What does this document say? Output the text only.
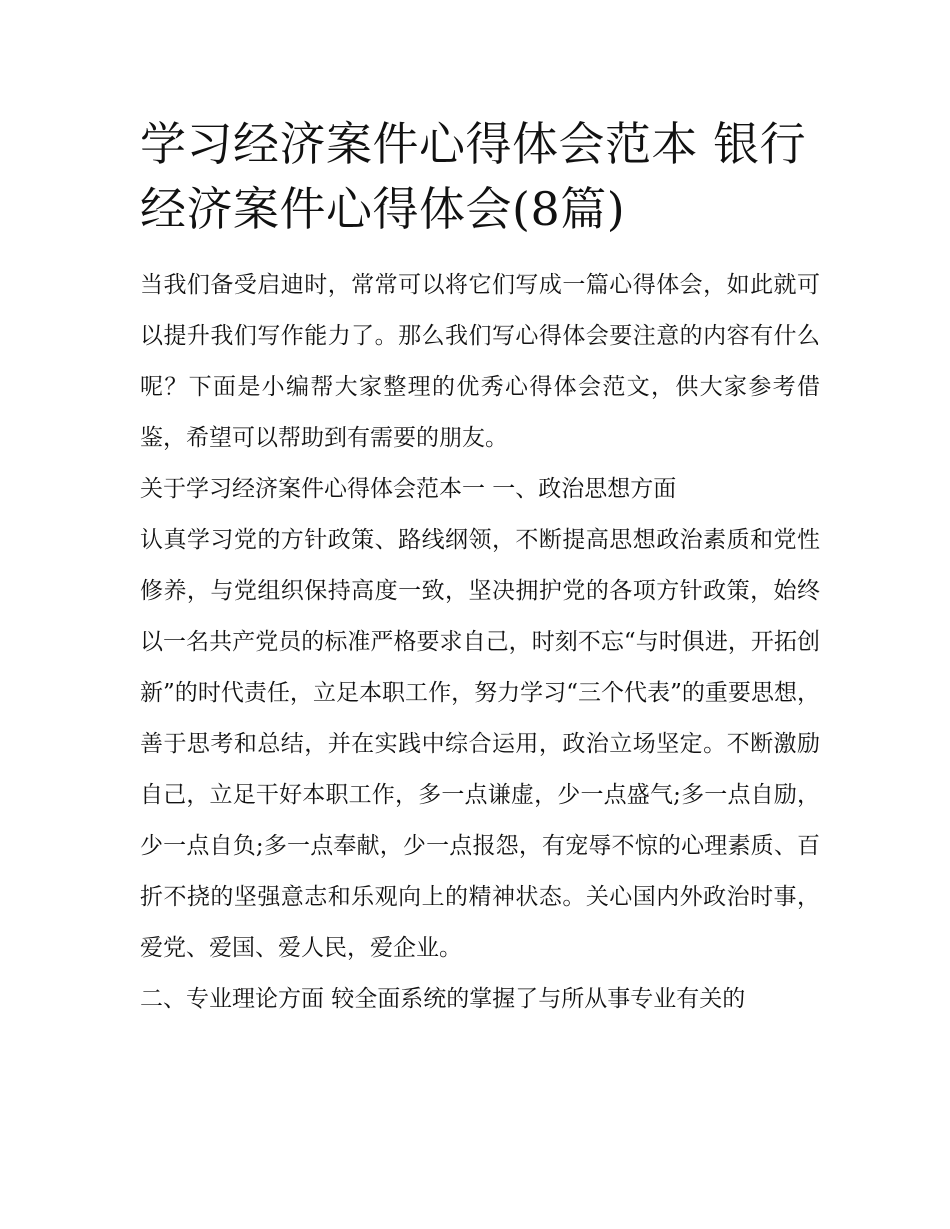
学习经济案件心得体会范本 银行经济案件心得体会(8篇)

当我们备受启迪时，常常可以将它们写成一篇心得体会，如此就可以提升我们写作能力了。那么我们写心得体会要注意的内容有什么呢？下面是小编帮大家整理的优秀心得体会范文，供大家参考借鉴，希望可以帮助到有需要的朋友。

关于学习经济案件心得体会范本一 一、政治思想方面

认真学习党的方针政策、路线纲领，不断提高思想政治素质和党性修养，与党组织保持高度一致，坚决拥护党的各项方针政策，始终以一名共产党员的标准严格要求自己，时刻不忘“与时俱进，开拓创新”的时代责任，立足本职工作，努力学习“三个代表”的重要思想，善于思考和总结，并在实践中综合运用，政治立场坚定。不断激励自己，立足干好本职工作，多一点谦虚，少一点盛气;多一点自励，少一点自负;多一点奉献，少一点报怨，有宠辱不惊的心理素质、百折不挠的坚强意志和乐观向上的精神状态。关心国内外政治时事，爱党、爱国、爱人民，爱企业。

二、专业理论方面 较全面系统的掌握了与所从事专业有关的
